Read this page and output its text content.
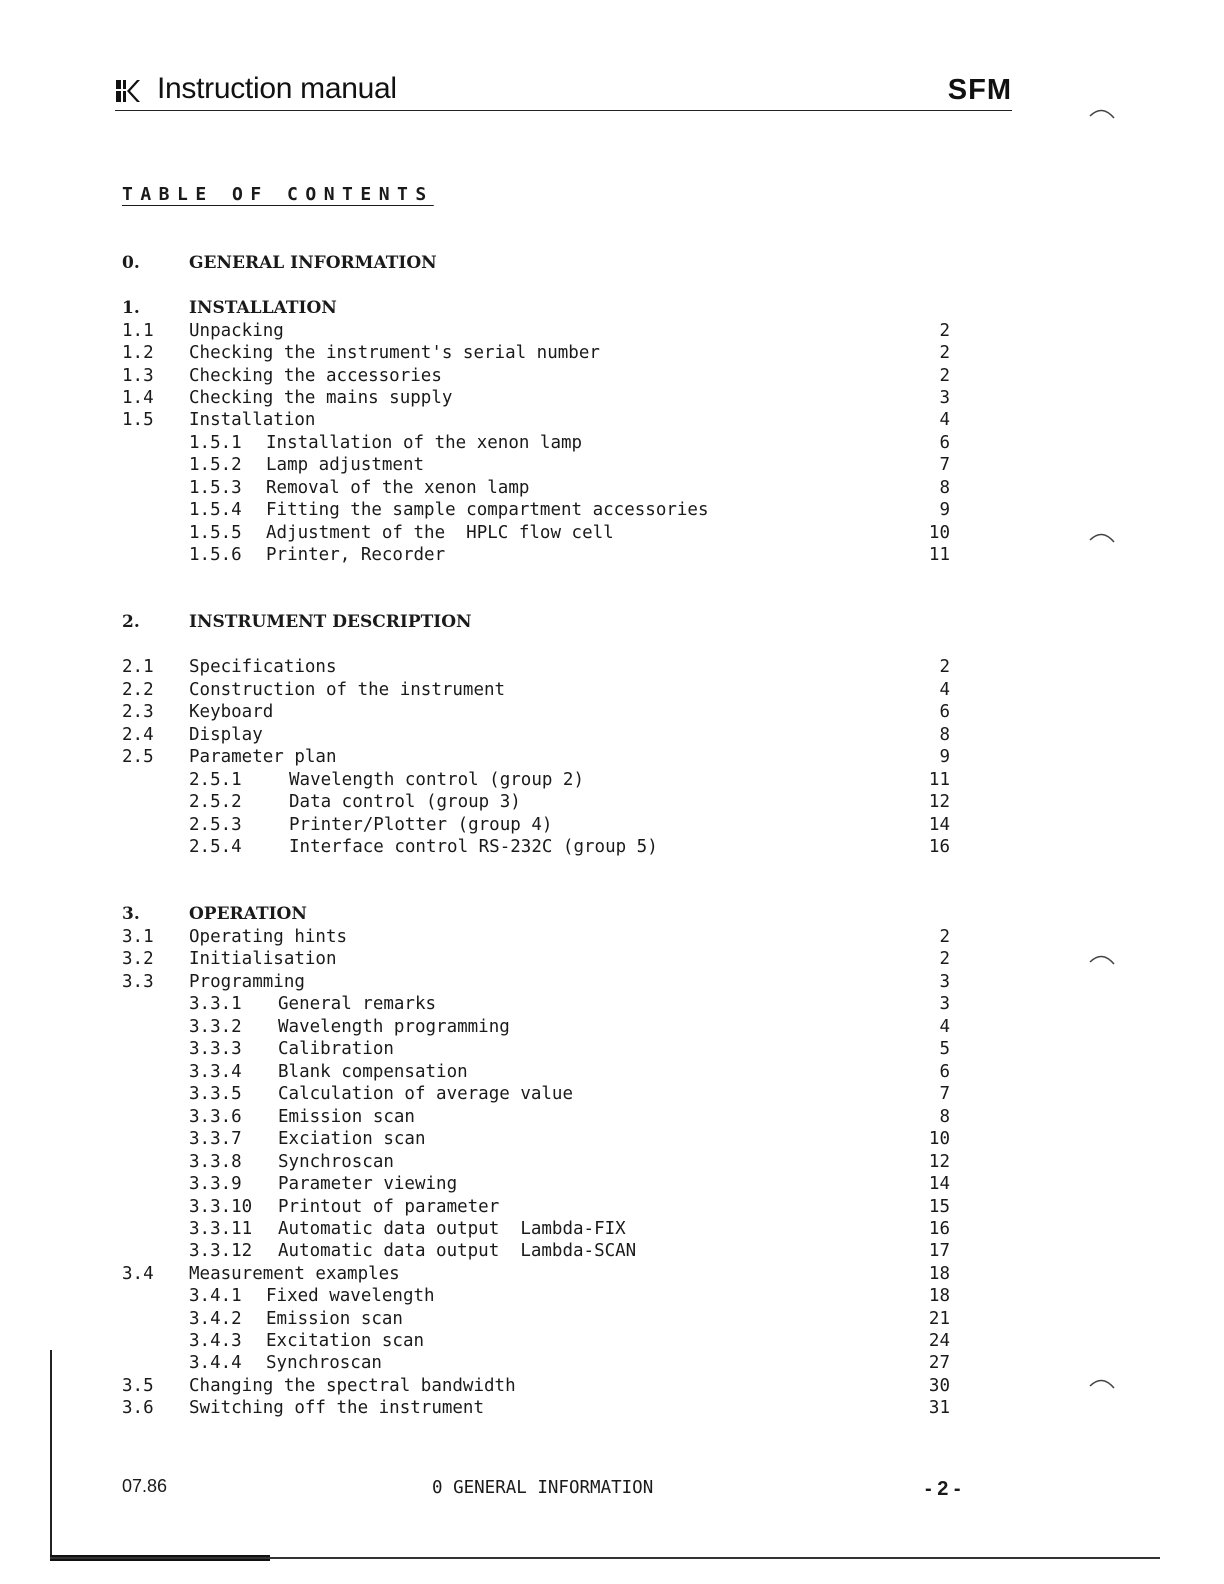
Instruction manual	SFM
TABLE OF CONTENTS
0.	GENERAL INFORMATION
1.	INSTALLATION
1.1 Unpacking	2
1.2 Checking the instrument's serial number	2
1.3 Checking the accessories	2
1.4 Checking the mains supply	3
1.5 Installation	4
1.5.1 Installation of the xenon lamp	6
1.5.2 Lamp adjustment	7
1.5.3 Removal of the xenon lamp	8
1.5.4 Fitting the sample compartment accessories	9
1.5.5 Adjustment of the  HPLC flow cell	10
1.5.6 Printer, Recorder	11
2.	INSTRUMENT DESCRIPTION
2.1 Specifications	2
2.2 Construction of the instrument	4
2.3 Keyboard	6
2.4 Display	8
2.5 Parameter plan	9
2.5.1	Wavelength control (group 2)	11
2.5.2	Data control (group 3)	12
2.5.3	Printer/Plotter (group 4)	14
2.5.4	Interface control RS-232C (group 5)	16
3.	OPERATION
3.1 Operating hints	2
3.2 Initialisation	2
3.3 Programming	3
3.3.1 General remarks	3
3.3.2 Wavelength programming	4
3.3.3 Calibration	5
3.3.4 Blank compensation	6
3.3.5 Calculation of average value	7
3.3.6 Emission scan	8
3.3.7 Exciation scan	10
3.3.8 Synchroscan	12
3.3.9 Parameter viewing	14
3.3.10 Printout of parameter	15
3.3.11 Automatic data output  Lambda-FIX	16
3.3.12 Automatic data output  Lambda-SCAN	17
3.4 Measurement examples	18
3.4.1 Fixed wavelength	18
3.4.2 Emission scan	21
3.4.3 Excitation scan	24
3.4.4 Synchroscan	27
3.5 Changing the spectral bandwidth	30
3.6 Switching off the instrument	31
07.86	0 GENERAL INFORMATION	- 2 -
